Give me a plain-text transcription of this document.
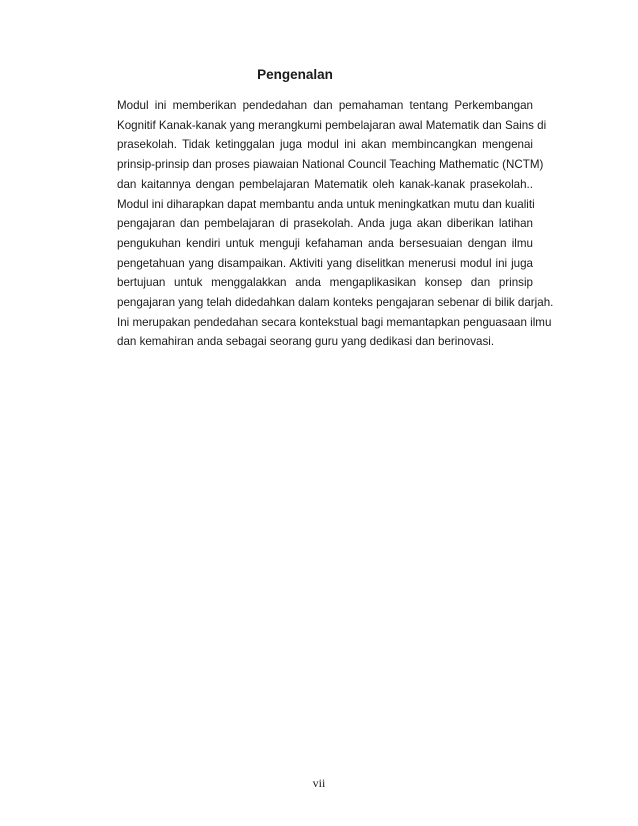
Pengenalan
Modul ini memberikan pendedahan dan pemahaman tentang Perkembangan
Kognitif Kanak-kanak yang merangkumi pembelajaran awal Matematik dan Sains di
prasekolah. Tidak ketinggalan juga modul ini akan membincangkan mengenai
prinsip-prinsip dan proses piawaian National Council Teaching Mathematic (NCTM)
dan kaitannya dengan pembelajaran Matematik oleh kanak-kanak prasekolah..
Modul ini diharapkan dapat membantu anda untuk meningkatkan mutu dan kualiti
pengajaran dan pembelajaran di prasekolah. Anda juga akan diberikan latihan
pengukuhan kendiri untuk menguji kefahaman anda bersesuaian dengan ilmu
pengetahuan yang disampaikan. Aktiviti yang diselitkan menerusi modul ini juga
bertujuan untuk menggalakkan anda mengaplikasikan konsep dan prinsip
pengajaran yang telah didedahkan dalam konteks pengajaran sebenar di bilik darjah.
Ini merupakan pendedahan secara kontekstual bagi memantapkan penguasaan ilmu
dan kemahiran anda sebagai seorang guru yang dedikasi dan berinovasi.

vii
